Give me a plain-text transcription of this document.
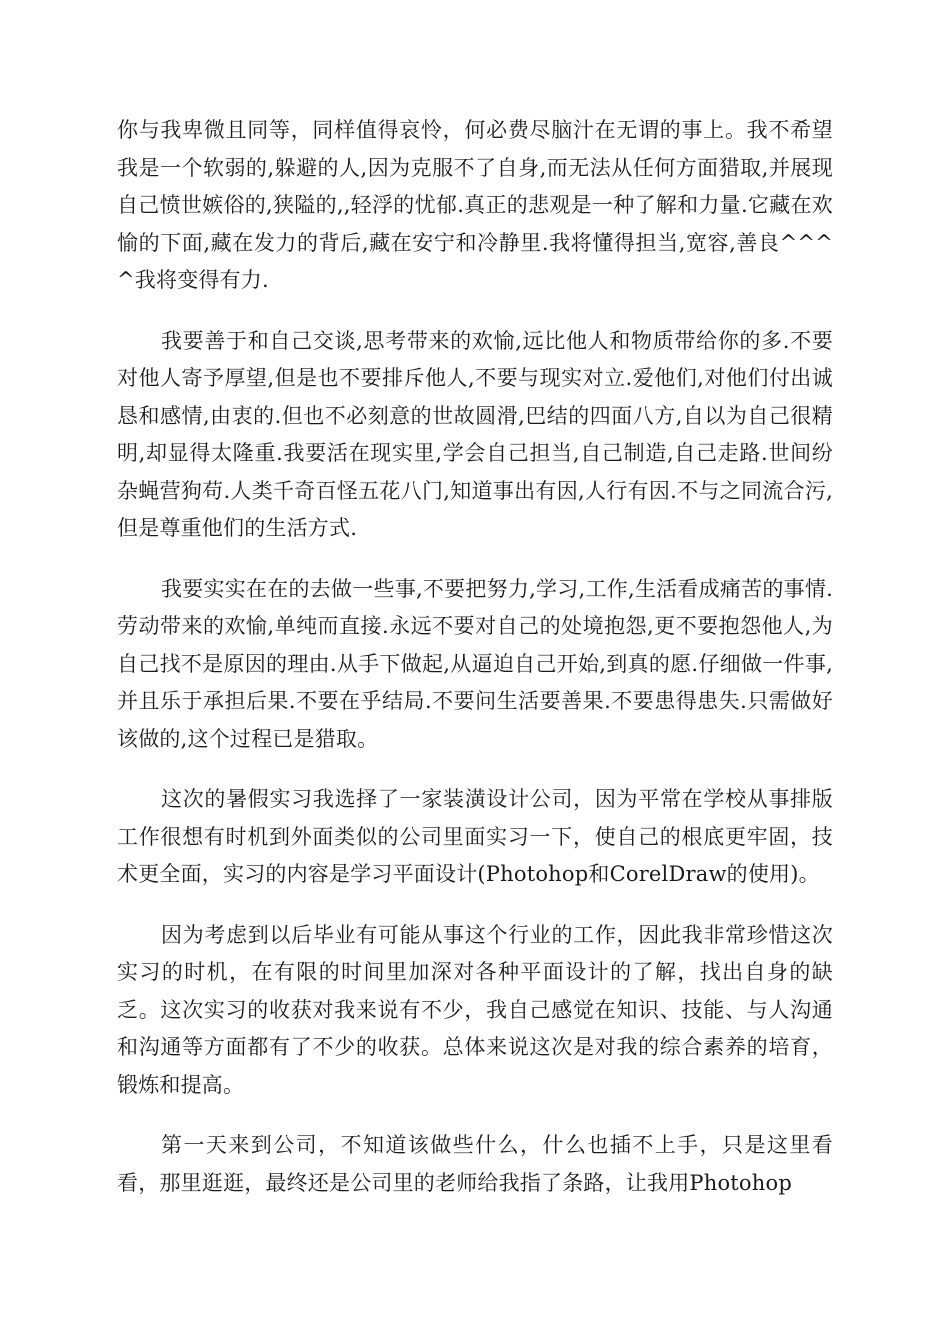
你与我卑微且同等，同样值得哀怜，何必费尽脑汁在无谓的事上。我不希望我是一个软弱的,躲避的人,因为克服不了自身,而无法从任何方面猎取,并展现自己愤世嫉俗的,狭隘的,,轻浮的忧郁.真正的悲观是一种了解和力量.它藏在欢愉的下面,藏在发力的背后,藏在安宁和冷静里.我将懂得担当,宽容,善良^^^^我将变得有力.

我要善于和自己交谈,思考带来的欢愉,远比他人和物质带给你的多.不要对他人寄予厚望,但是也不要排斥他人,不要与现实对立.爱他们,对他们付出诚恳和感情,由衷的.但也不必刻意的世故圆滑,巴结的四面八方,自以为自己很精明,却显得太隆重.我要活在现实里,学会自己担当,自己制造,自己走路.世间纷杂蝇营狗苟.人类千奇百怪五花八门,知道事出有因,人行有因.不与之同流合污,但是尊重他们的生活方式.

我要实实在在的去做一些事,不要把努力,学习,工作,生活看成痛苦的事情.劳动带来的欢愉,单纯而直接.永远不要对自己的处境抱怨,更不要抱怨他人,为自己找不是原因的理由.从手下做起,从逼迫自己开始,到真的愿.仔细做一件事,并且乐于承担后果.不要在乎结局.不要问生活要善果.不要患得患失.只需做好该做的,这个过程已是猎取。

这次的暑假实习我选择了一家装潢设计公司，因为平常在学校从事排版工作很想有时机到外面类似的公司里面实习一下，使自己的根底更牢固，技术更全面，实习的内容是学习平面设计(Photohop和CorelDraw的使用)。

因为考虑到以后毕业有可能从事这个行业的工作，因此我非常珍惜这次实习的时机，在有限的时间里加深对各种平面设计的了解，找出自身的缺乏。这次实习的收获对我来说有不少，我自己感觉在知识、技能、与人沟通和沟通等方面都有了不少的收获。总体来说这次是对我的综合素养的培育，锻炼和提高。

第一天来到公司，不知道该做些什么，什么也插不上手，只是这里看看，那里逛逛，最终还是公司里的老师给我指了条路，让我用Photohop
